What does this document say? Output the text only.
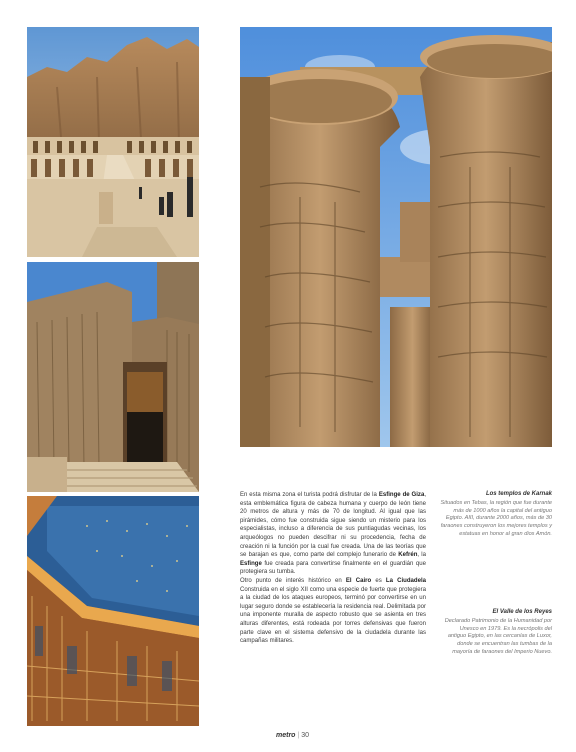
En esta misma zona el turista podrá disfrutar de la Esfinge de Giza, esta emblemática figura de cabeza humana y cuerpo de león tiene 20 metros de altura y más de 70 de longitud. Al igual que las pirámides, cómo fue construida sigue siendo un misterio para los especialistas, incluso a diferencia de sus puntiagudas vecinas, los arqueólogos no pueden descifrar ni su procedencia, fecha de creación ni la función por la cual fue creada. Una de las teorías que se barajan es que, como parte del complejo funerario de Kefrén, la Esfinge fue creada para convertirse finalmente en el guardián que protegiera su tumba.

Otro punto de interés histórico en El Cairo es La Ciudadela Construida en el siglo XII como una especie de fuerte que protegiera a la ciudad de los ataques europeos, terminó por convertirse en un lugar seguro donde se establecería la residencia real. Delimitada por una imponente muralla de aspecto robusto que se asienta en tres alturas diferentes, está rodeada por torres defensivas que fueron parte clave en el sistema defensivo de la ciudadela durante las campañas militares.

Los templos de Karnak
Situados en Tebas, la región que fue durante más de 1000 años la capital del antiguo Egipto. AIII, durante 2000 años, más de 30 faraones construyeron los mejores templos y estatuas en honor al gran dios Amón.
El Valle de los Reyes
Declarado Patrimonio de la Humanidad por Unesco en 1979. Es la necrópolis del antiguo Egipto, en las cercanías de Luxor, donde se encuentran las tumbas de la mayoría de faraones del Imperio Nuevo.
metro | 30
